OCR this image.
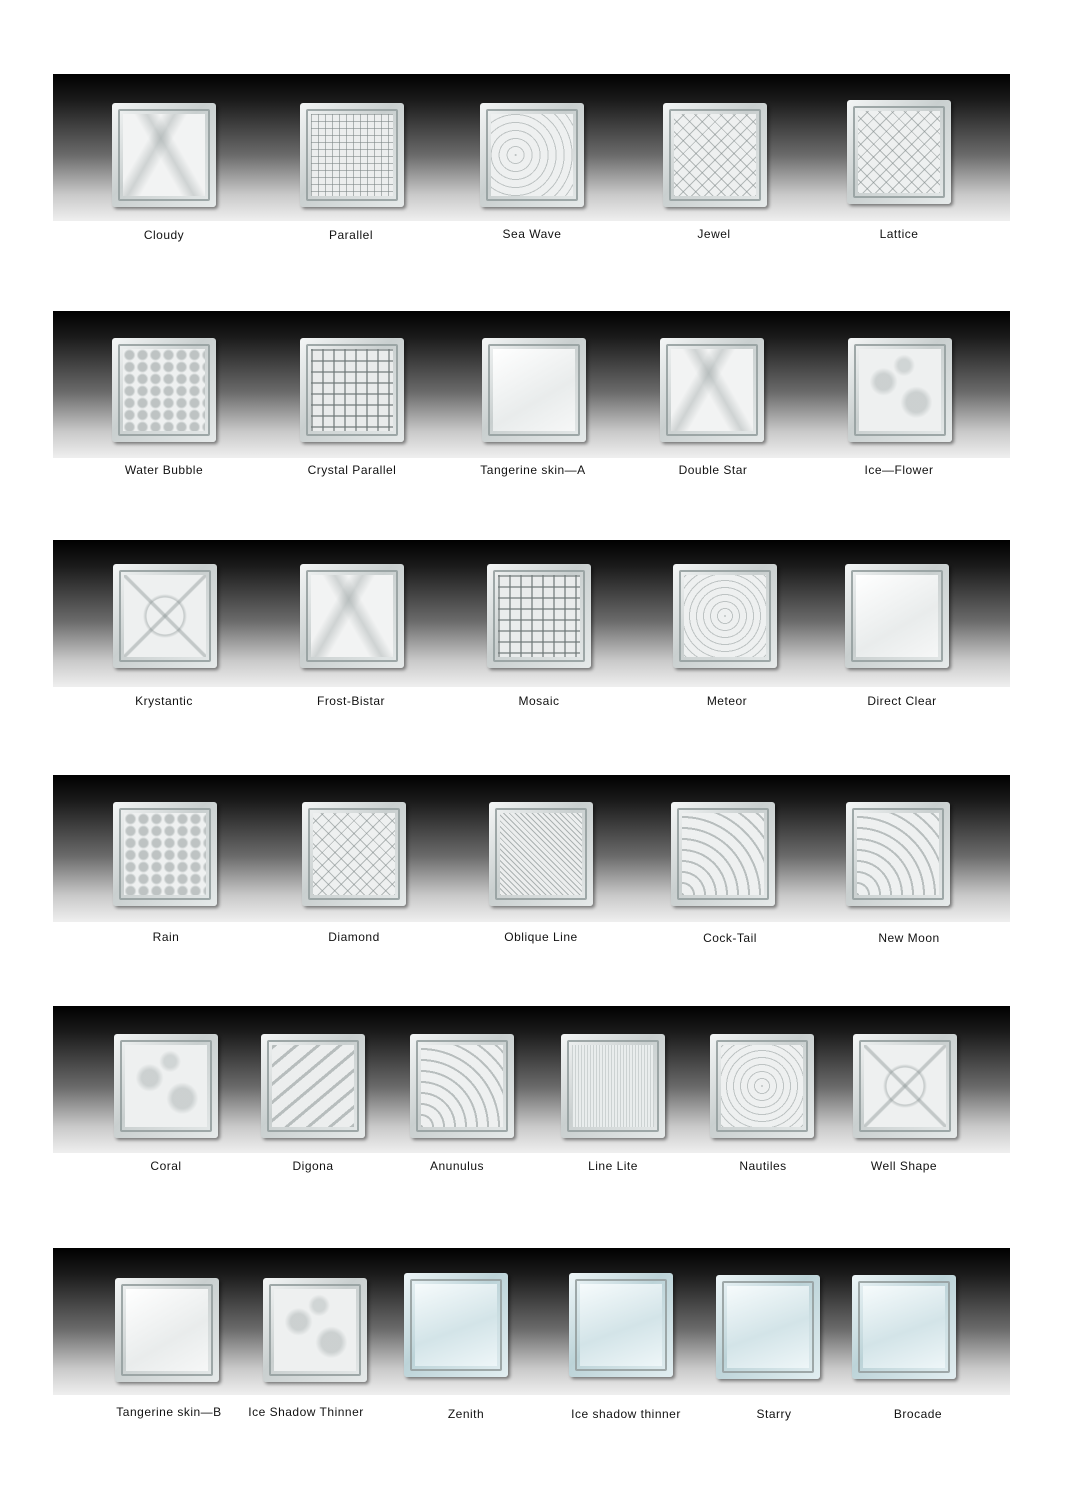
Cloudy	Parallel	Sea Wave	Jewel	Lattice
Water Bubble	Crystal Parallel	Tangerine skin—A	Double Star	Ice—Flower
Krystantic	Frost-Bistar	Mosaic	Meteor	Direct Clear
Rain	Diamond	Oblique Line	Cock-Tail	New Moon
Coral	Digona	Anunulus	Line Lite	Nautiles	Well Shape
Tangerine skin—B	Ice Shadow Thinner	Zenith	Ice shadow thinner	Starry	Brocade
